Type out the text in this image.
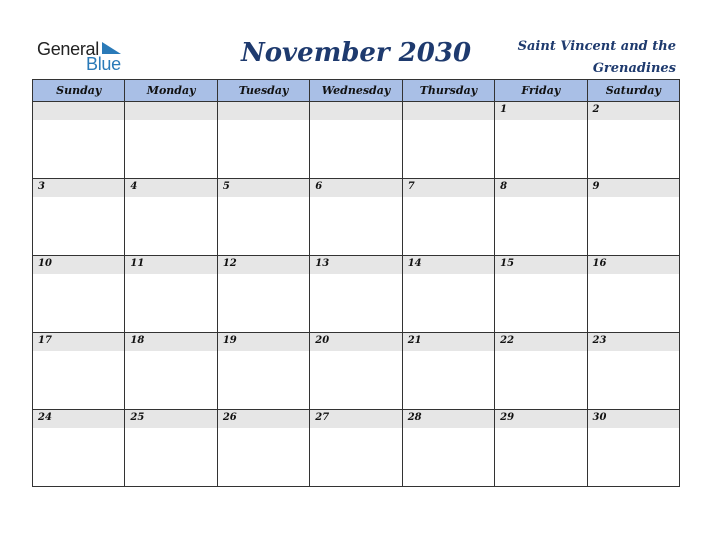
General
Blue	November 2030	Saint Vincent and the
Grenadines
Sunday	Monday	Tuesday	Wednesday	Thursday	Friday	Saturday

					1	2

3	4	5	6	7	8	9

10	11	12	13	14	15	16

17	18	19	20	21	22	23

24	25	26	27	28	29	30
